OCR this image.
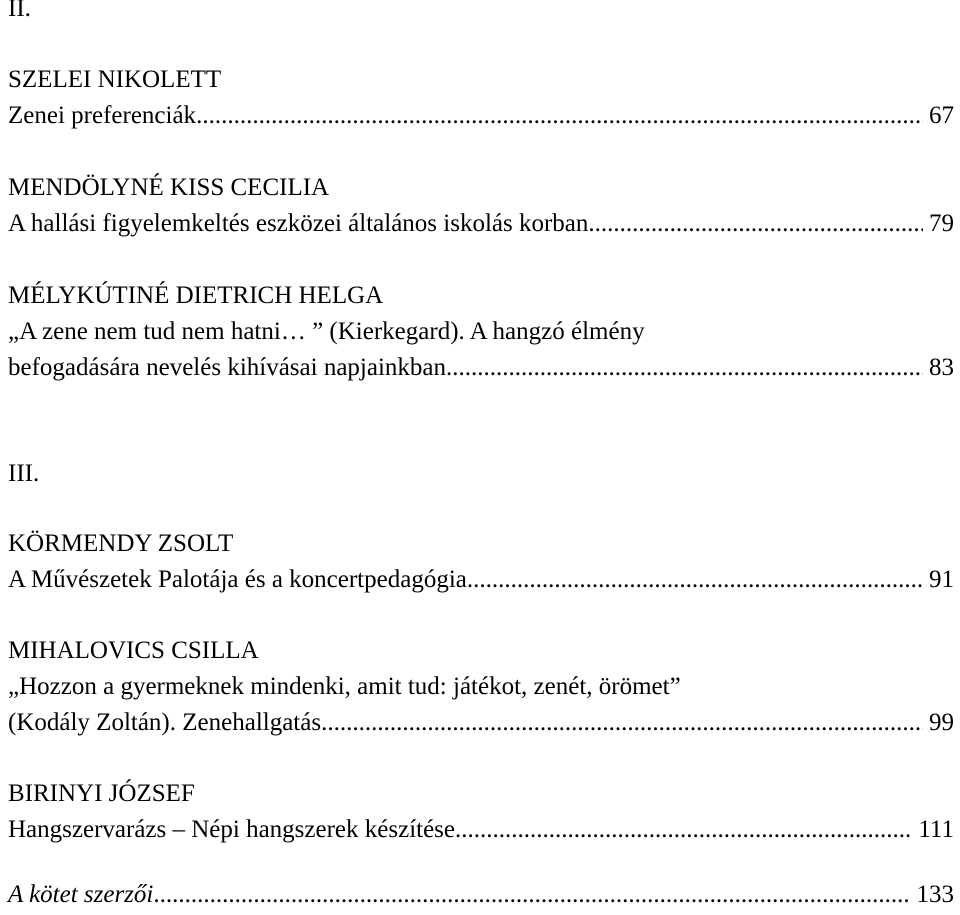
II.
SZELEI NIKOLETT
Zenei preferenciák .....	67
MENDÖLYNÉ KISS CECILIA
A hallási figyelemkeltés eszközei általános iskolás korban .....	79
MÉLYKÚTINÉ DIETRICH HELGA
„A zene nem tud nem hatni… ” (Kierkegard). A hangzó élmény
befogadására nevelés kihívásai napjainkban .....	83
III.
KÖRMENDY ZSOLT
A Művészetek Palotája és a koncertpedagógia .....	91
MIHALOVICS CSILLA
„Hozzon a gyermeknek mindenki, amit tud: játékot, zenét, örömet”
(Kodály Zoltán). Zenehallgatás .....	99
BIRINYI JÓZSEF
Hangszervarázs – Népi hangszerek készítése .....	111
A kötet szerzői .....	133
